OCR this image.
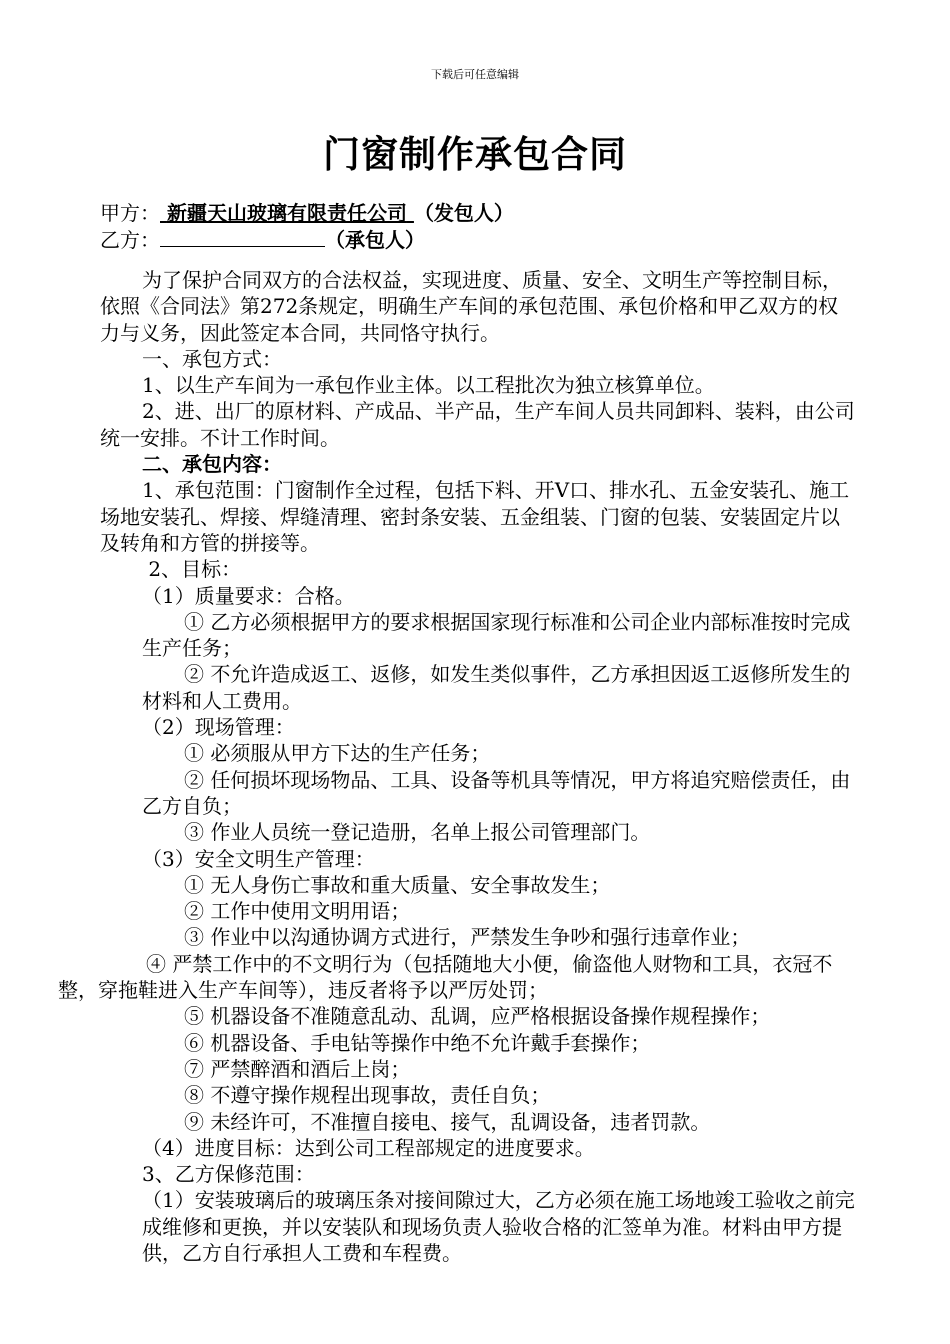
下载后可任意编辑
门窗制作承包合同
甲方： 新疆天山玻璃有限责任公司 （发包人）
乙方：	（承包人）

为了保护合同双方的合法权益，实现进度、质量、安全、文明生产等控制目标，依照《合同法》第272条规定，明确生产车间的承包范围、承包价格和甲乙双方的权力与义务，因此签定本合同，共同恪守执行。

一、承包方式：

1、以生产车间为一承包作业主体。以工程批次为独立核算单位。

2、进、出厂的原材料、产成品、半产品，生产车间人员共同卸料、装料，由公司统一安排。不计工作时间。

二、承包内容：

1、承包范围：门窗制作全过程，包括下料、开V口、排水孔、五金安装孔、施工场地安装孔、焊接、焊缝清理、密封条安装、五金组装、门窗的包装、安装固定片以及转角和方管的拼接等。

2、目标：

（1）质量要求：合格。

① 乙方必须根据甲方的要求根据国家现行标准和公司企业内部标准按时完成生产任务；

② 不允许造成返工、返修，如发生类似事件，乙方承担因返工返修所发生的材料和人工费用。

（2）现场管理：

① 必须服从甲方下达的生产任务；

② 任何损坏现场物品、工具、设备等机具等情况，甲方将追究赔偿责任，由乙方自负；

③ 作业人员统一登记造册，名单上报公司管理部门。

（3）安全文明生产管理：

① 无人身伤亡事故和重大质量、安全事故发生；

② 工作中使用文明用语；

③ 作业中以沟通协调方式进行，严禁发生争吵和强行违章作业；

④ 严禁工作中的不文明行为（包括随地大小便，偷盗他人财物和工具，衣冠不整，穿拖鞋进入生产车间等），违反者将予以严厉处罚；

⑤ 机器设备不准随意乱动、乱调，应严格根据设备操作规程操作；

⑥ 机器设备、手电钻等操作中绝不允许戴手套操作；

⑦ 严禁醉酒和酒后上岗；

⑧ 不遵守操作规程出现事故，责任自负；

⑨ 未经许可，不准擅自接电、接气，乱调设备，违者罚款。

（4）进度目标：达到公司工程部规定的进度要求。

3、乙方保修范围：

（1）安装玻璃后的玻璃压条对接间隙过大，乙方必须在施工场地竣工验收之前完成维修和更换，并以安装队和现场负责人验收合格的汇签单为准。材料由甲方提供，乙方自行承担人工费和车程费。
